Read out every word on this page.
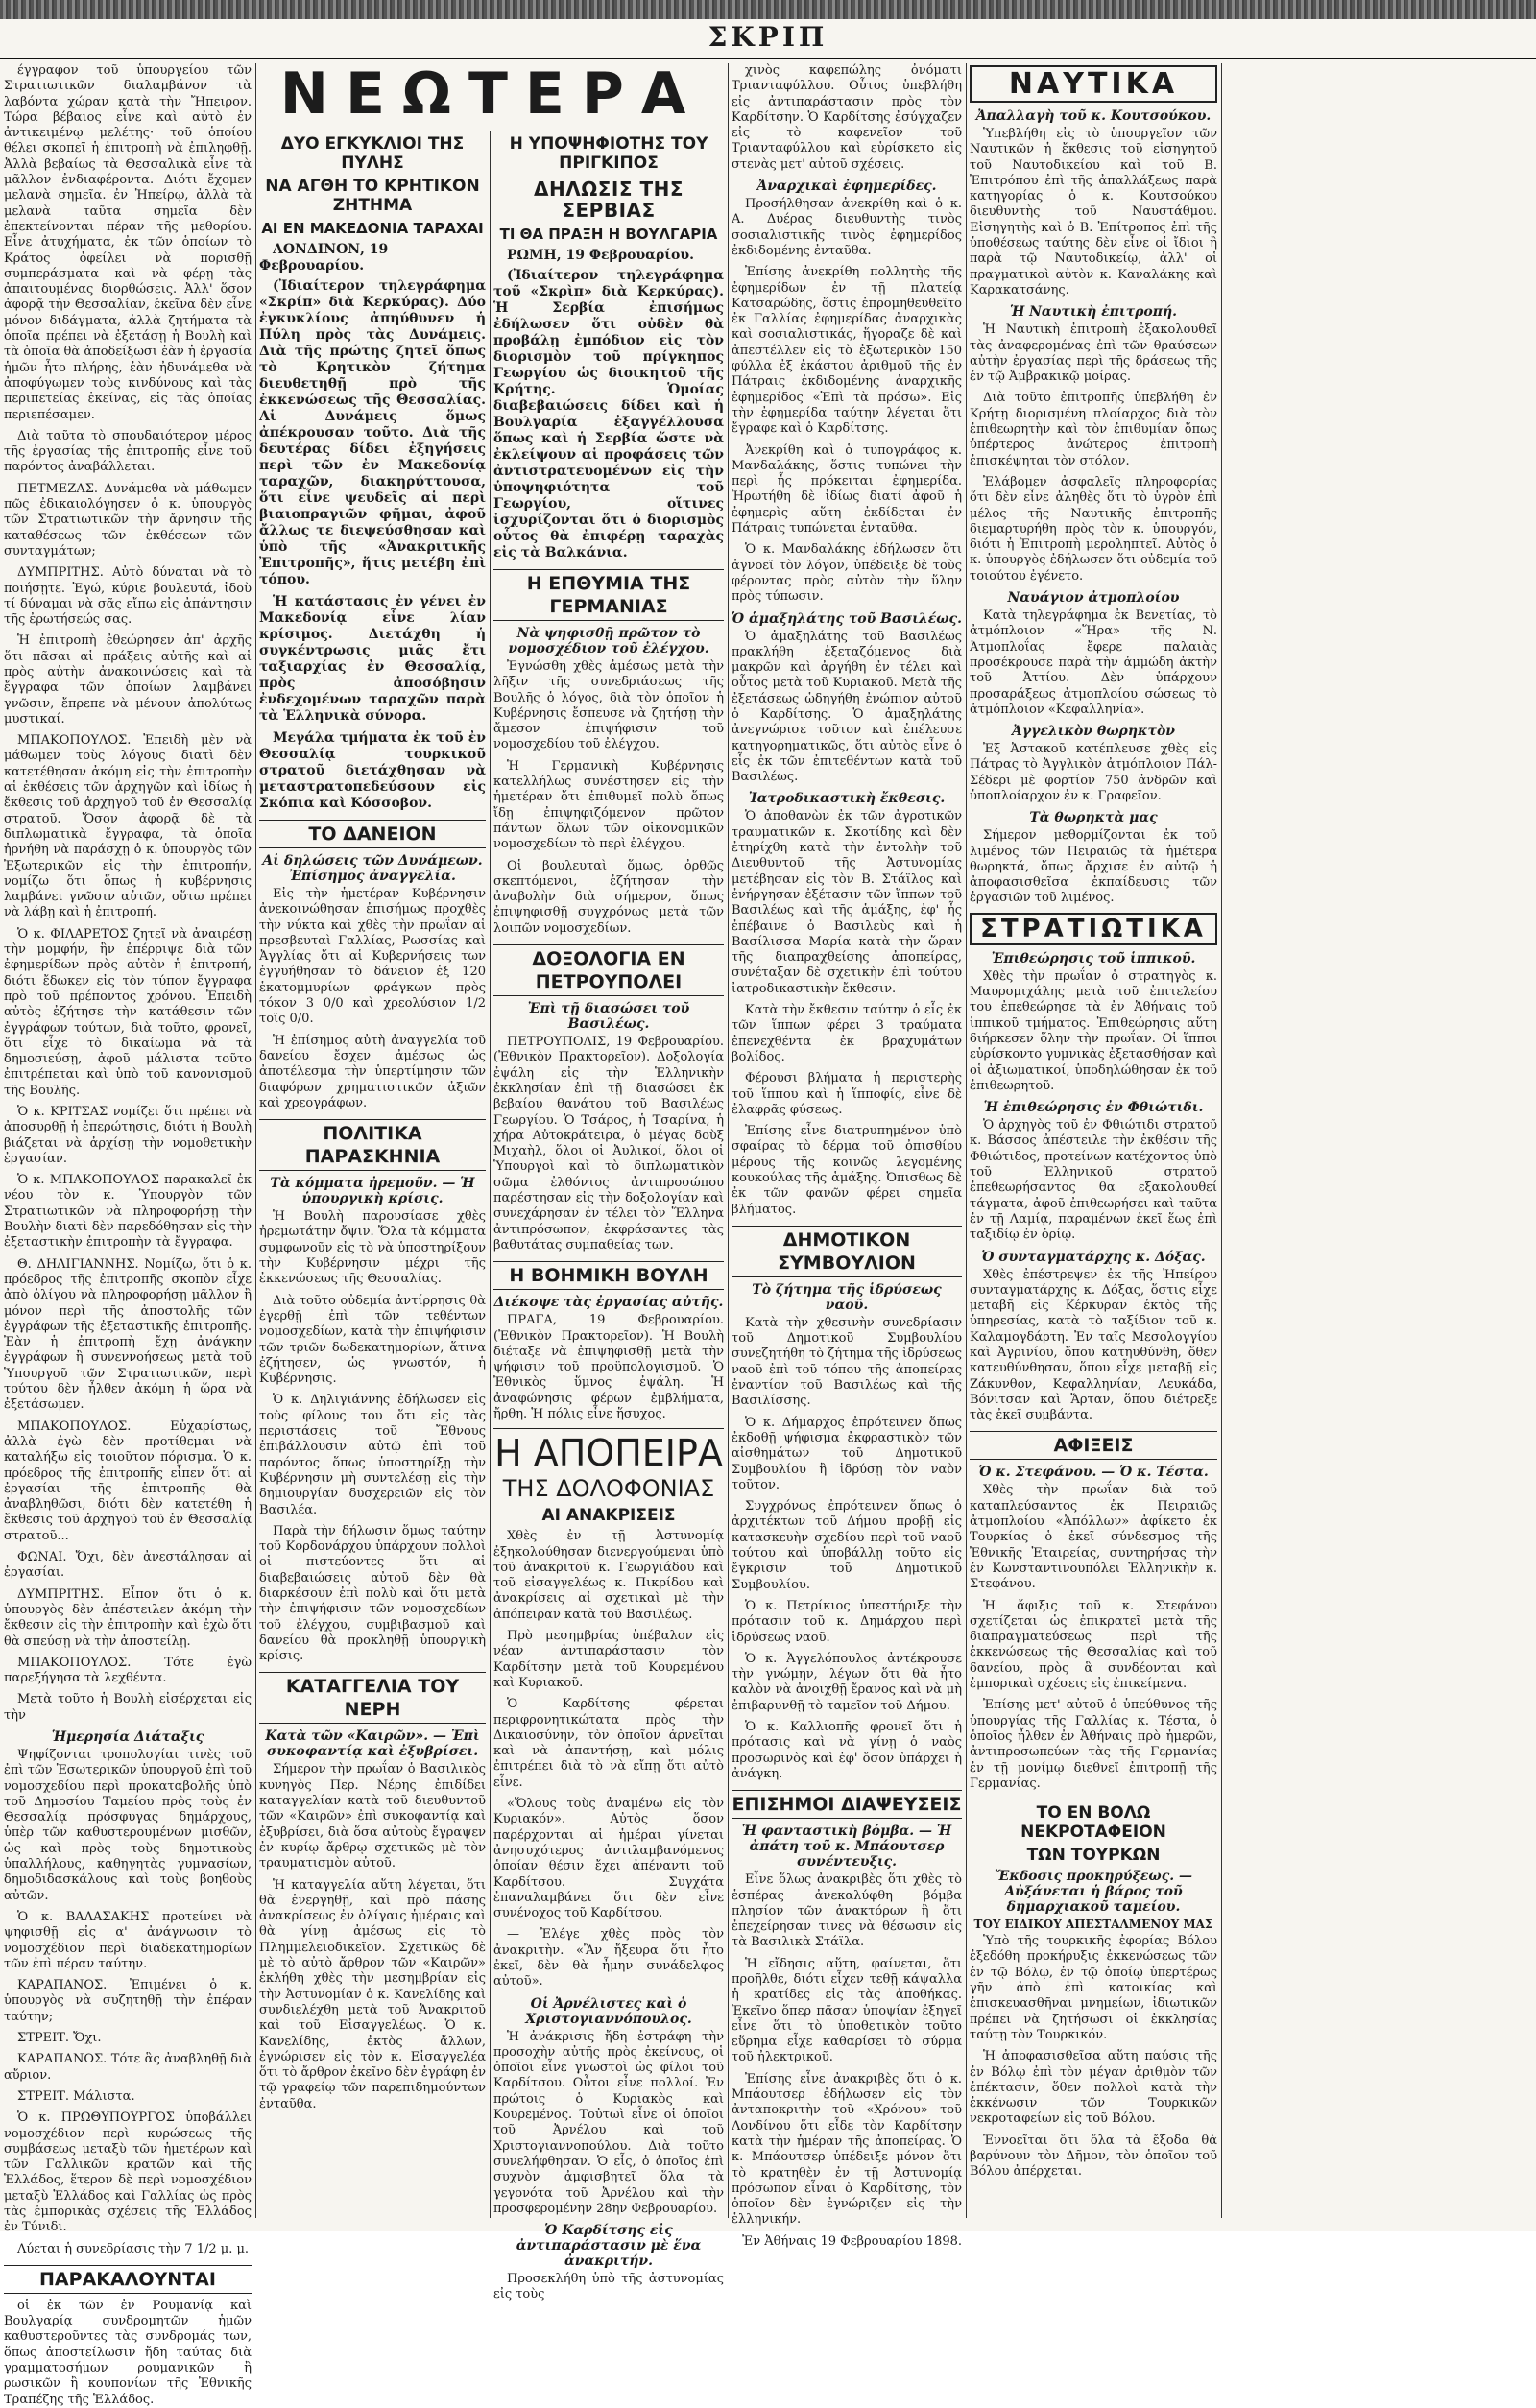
ΣΚΡΙΠ

έγγραφον τοῦ ὑπουργείου τῶν Στρατιωτικῶν διαλαμβάνον τὰ λαβόντα χώραν κατὰ τὴν Ἤπειρον. Τώρα βέβαιος εἶνε καὶ αὐτὸ ἐν ἀντικειμένῳ μελέτης· τοῦ ὁποίου θέλει σκοπεῖ ἡ ἐπιτροπὴ νὰ ἐπιληφθῇ. Ἀλλὰ βεβαίως τὰ Θεσσαλικὰ εἶνε τὰ μᾶλλον ἐνδιαφέροντα. Διότι ἔχομεν μελανὰ σημεῖα. ἐν Ἠπείρῳ, ἀλλὰ τὰ μελανὰ ταῦτα σημεῖα δὲν ἐπεκτείνονται πέραν τῆς μεθορίου. Εἶνε ἀτυχήματα, ἐκ τῶν ὁποίων τὸ Κράτος ὀφείλει νὰ πορισθῇ συμπεράσματα καὶ νὰ φέρῃ τὰς ἀπαιτουμένας διορθώσεις. Ἀλλ' ὅσον ἀφορᾷ τὴν Θεσσαλίαν, ἐκεῖνα δὲν εἶνε μόνον διδάγματα, ἀλλὰ ζητήματα τὰ ὁποῖα πρέπει νὰ ἐξετάσῃ ἡ Βουλὴ καὶ τὰ ὁποῖα θὰ ἀποδείξωσι ἐὰν ἡ ἐργασία ἡμῶν ἦτο πλήρης, ἐὰν ἠδυνάμεθα νὰ ἀποφύγωμεν τοὺς κινδύνους καὶ τὰς περιπετείας ἐκείνας, εἰς τὰς ὁποίας περιεπέσαμεν.

Διὰ ταῦτα τὸ σπουδαιότερον μέρος τῆς ἐργασίας τῆς ἐπιτροπῆς εἶνε τοῦ παρόντος ἀναβάλλεται.

ΠΕΤΜΕΖΑΣ. Δυνάμεθα νὰ μάθωμεν πῶς ἐδικαιολόγησεν ὁ κ. ὑπουργὸς τῶν Στρατιωτικῶν τὴν ἄρνησιν τῆς καταθέσεως τῶν ἐκθέσεων τῶν συνταγμάτων;

ΔΥΜΠΡΙΤΗΣ. Αὐτὸ δύναται νὰ τὸ ποιήσῃτε. Ἐγώ, κύριε βουλευτά, ἰδοὺ τί δύναμαι νὰ σᾶς εἴπω εἰς ἀπάντησιν τῆς ἐρωτήσεώς σας.

Ἡ ἐπιτροπὴ ἐθεώρησεν ἀπ' ἀρχῆς ὅτι πᾶσαι αἱ πράξεις αὐτῆς καὶ αἱ πρὸς αὐτὴν ἀνακοινώσεις καὶ τὰ ἔγγραφα τῶν ὁποίων λαμβάνει γνῶσιν, ἔπρεπε νὰ μένουν ἀπολύτως μυστικαί.

ΜΠΑΚΟΠΟΥΛΟΣ. Ἐπειδὴ μὲν νὰ μάθωμεν τοὺς λόγους διατὶ δὲν κατετέθησαν ἀκόμη εἰς τὴν ἐπιτροπὴν αἱ ἐκθέσεις τῶν ἀρχηγῶν καὶ ἰδίως ἡ ἔκθεσις τοῦ ἀρχηγοῦ τοῦ ἐν Θεσσαλίᾳ στρατοῦ. Ὅσον ἀφορᾷ δὲ τὰ διπλωματικὰ ἔγγραφα, τὰ ὁποῖα ἠρνήθη νὰ παράσχῃ ὁ κ. ὑπουργὸς τῶν Ἐξωτερικῶν εἰς τὴν ἐπιτροπήν, νομίζω ὅτι ὅπως ἡ κυβέρνησις λαμβάνει γνῶσιν αὐτῶν, οὕτω πρέπει νὰ λάβῃ καὶ ἡ ἐπιτροπή.

Ὁ κ. ΦΙΛΑΡΕΤΟΣ ζητεῖ νὰ ἀναιρέσῃ τὴν μομφήν, ἣν ἐπέρριψε διὰ τῶν ἐφημερίδων πρὸς αὐτὸν ἡ ἐπιτροπή, διότι ἔδωκεν εἰς τὸν τύπον ἔγγραφα πρὸ τοῦ πρέποντος χρόνου. Ἐπειδὴ αὐτὸς ἐζήτησε τὴν κατάθεσιν τῶν ἐγγράφων τούτων, διὰ τοῦτο, φρονεῖ, ὅτι εἶχε τὸ δικαίωμα νὰ τὰ δημοσιεύσῃ, ἀφοῦ μάλιστα τοῦτο ἐπιτρέπεται καὶ ὑπὸ τοῦ κανονισμοῦ τῆς Βουλῆς.

Ὁ κ. ΚΡΙΤΣΑΣ νομίζει ὅτι πρέπει νὰ ἀποσυρθῇ ἡ ἐπερώτησις, διότι ἡ Βουλὴ βιάζεται νὰ ἀρχίσῃ τὴν νομοθετικὴν ἐργασίαν.

Ὁ κ. ΜΠΑΚΟΠΟΥΛΟΣ παρακαλεῖ ἐκ νέου τὸν κ. Ὑπουργὸν τῶν Στρατιωτικῶν νὰ πληροφορήσῃ τὴν Βουλὴν διατὶ δὲν παρεδόθησαν εἰς τὴν ἐξεταστικὴν ἐπιτροπὴν τὰ ἔγγραφα.

Θ. ΔΗΛΙΓΙΑΝΝΗΣ. Νομίζω, ὅτι ὁ κ. πρόεδρος τῆς ἐπιτροπῆς σκοπὸν εἶχε ἀπὸ ὀλίγου νὰ πληροφορήσῃ μᾶλλον ἢ μόνον περὶ τῆς ἀποστολῆς τῶν ἐγγράφων τῆς ἐξεταστικῆς ἐπιτροπῆς. Ἐὰν ἡ ἐπιτροπὴ ἔχῃ ἀνάγκην ἐγγράφων ἢ συνεννοήσεως μετὰ τοῦ Ὑπουργοῦ τῶν Στρατιωτικῶν, περὶ τούτου δὲν ἦλθεν ἀκόμη ἡ ὥρα νὰ ἐξετάσωμεν.

ΜΠΑΚΟΠΟΥΛΟΣ. Εὐχαρίστως, ἀλλὰ ἐγὼ δὲν προτίθεμαι νὰ καταλήξω εἰς τοιοῦτον πόρισμα. Ὁ κ. πρόεδρος τῆς ἐπιτροπῆς εἶπεν ὅτι αἱ ἐργασίαι τῆς ἐπιτροπῆς θὰ ἀναβληθῶσι, διότι δὲν κατετέθη ἡ ἔκθεσις τοῦ ἀρχηγοῦ τοῦ ἐν Θεσσαλίᾳ στρατοῦ...

ΦΩΝΑΙ. Ὄχι, δὲν ἀνεστάλησαν αἱ ἐργασίαι.

ΔΥΜΠΡΙΤΗΣ. Εἶπον ὅτι ὁ κ. ὑπουργὸς δὲν ἀπέστειλεν ἀκόμη τὴν ἔκθεσιν εἰς τὴν ἐπιτροπὴν καὶ ἐχὼ ὅτι θὰ σπεύσῃ νὰ τὴν ἀποστείλῃ.

ΜΠΑΚΟΠΟΥΛΟΣ. Τότε ἐγὼ παρεξήγησα τὰ λεχθέντα.

Μετὰ τοῦτο ἡ Βουλὴ εἰσέρχεται εἰς τὴν

Ἡμερησία Διάταξις

Ψηφίζονται τροπολογίαι τινὲς τοῦ ἐπὶ τῶν Ἐσωτερικῶν ὑπουργοῦ ἐπὶ τοῦ νομοσχεδίου περὶ προκαταβολῆς ὑπὸ τοῦ Δημοσίου Ταμείου πρὸς τοὺς ἐν Θεσσαλίᾳ πρόσφυγας δημάρχους, ὑπὲρ τῶν καθυστερουμένων μισθῶν, ὡς καὶ πρὸς τοὺς δημοτικοὺς ὑπαλλήλους, καθηγητὰς γυμνασίων, δημοδιδασκάλους καὶ τοὺς βοηθοὺς αὐτῶν.

Ὁ κ. ΒΑΛΑΣΑΚΗΣ προτείνει νὰ ψηφισθῇ εἰς α' ἀνάγνωσιν τὸ νομοσχέδιον περὶ διαδεκατημορίων τῶν ἐπὶ πέραν ταύτην.

ΚΑΡΑΠΑΝΟΣ. Ἐπιμένει ὁ κ. ὑπουργὸς νὰ συζητηθῇ τὴν ἐπέραν ταύτην;

ΣΤΡΕΙΤ. Ὄχι.

ΚΑΡΑΠΑΝΟΣ. Τότε ἃς ἀναβληθῇ διὰ αὔριον.

ΣΤΡΕΙΤ. Μάλιστα.

Ὁ κ. ΠΡΩΘΥΠΟΥΡΓΟΣ ὑποβάλλει νομοσχέδιον περὶ κυρώσεως τῆς συμβάσεως μεταξὺ τῶν ἡμετέρων καὶ τῶν Γαλλικῶν κρατῶν καὶ τῆς Ἑλλάδος, ἕτερον δὲ περὶ νομοσχέδιον μεταξὺ Ἑλλάδος καὶ Γαλλίας ὡς πρὸς τὰς ἐμπορικὰς σχέσεις τῆς Ἑλλάδος ἐν Τύνιδι.

Λύεται ἡ συνεδρίασις τὴν 7 1/2 μ. μ.

ΠΑΡΑΚΑΛΟΥΝΤΑΙ

οἱ ἐκ τῶν ἐν Ρουμανίᾳ καὶ Βουλγαρίᾳ συνδρομητῶν ἡμῶν καθυστεροῦντες τὰς συνδρομάς των, ὅπως ἀποστείλωσιν ἤδη ταύτας διὰ γραμματοσήμων ρουμανικῶν ἢ ρωσικῶν ἢ κουπονίων τῆς Ἐθνικῆς Τραπέζης τῆς Ἑλλάδος.

ΝΕΩΤΕΡΑ
ΔΥΟ ΕΓΚΥΚΛΙΟΙ ΤΗΣ ΠΥΛΗΣ
ΝΑ ΑΓΘΗ ΤΟ ΚΡΗΤΙΚΟΝ ΖΗΤΗΜΑ
ΑΙ ΕΝ ΜΑΚΕΔΟΝΙΑ ΤΑΡΑΧΑΙ
ΛΟΝΔΙΝΟΝ, 19 Φεβρουαρίου.
(Ἰδιαίτερον τηλεγράφημα «Σκρίπ» διὰ Κερκύρας). Δύο ἐγκυκλίους ἀπηύθυνεν ἡ Πύλη πρὸς τὰς Δυνάμεις. Διὰ τῆς πρώτης ζητεῖ ὅπως τὸ Κρητικὸν ζήτημα διευθετηθῇ πρὸ τῆς ἐκκενώσεως τῆς Θεσσαλίας. Αἱ Δυνάμεις ὅμως ἀπέκρουσαν τοῦτο. Διὰ τῆς δευτέρας δίδει ἐξηγήσεις περὶ τῶν ἐν Μακεδονίᾳ ταραχῶν, διακηρύττουσα, ὅτι εἶνε ψευδεῖς αἱ περὶ βιαιοπραγιῶν φῆμαι, ἀφοῦ ἄλλως τε διεψεύσθησαν καὶ ὑπὸ τῆς «Ἀνακριτικῆς Ἐπιτροπῆς», ἥτις μετέβη ἐπὶ τόπου.
Ἡ κατάστασις ἐν γένει ἐν Μακεδονίᾳ εἶνε λίαν κρίσιμος. Διετάχθη ἡ συγκέντρωσις μιᾶς ἔτι ταξιαρχίας ἐν Θεσσαλίᾳ, πρὸς ἀποσόβησιν ἐνδεχομένων ταραχῶν παρὰ τὰ Ἑλληνικὰ σύνορα.
Μεγάλα τμήματα ἐκ τοῦ ἐν Θεσσαλίᾳ τουρκικοῦ στρατοῦ διετάχθησαν νὰ μεταστρατοπεδεύσουν εἰς Σκόπια καὶ Κόσσοβον.
ΤΟ ΔΑΝΕΙΟΝ
Αἱ δηλώσεις τῶν Δυνάμεων. Ἐπίσημος ἀναγγελία.

Εἰς τὴν ἡμετέραν Κυβέρνησιν ἀνεκοινώθησαν ἐπισήμως προχθὲς τὴν νύκτα καὶ χθὲς τὴν πρωΐαν αἱ πρεσβευταὶ Γαλλίας, Ρωσσίας καὶ Ἀγγλίας ὅτι αἱ Κυβερνήσεις των ἐγγυήθησαν τὸ δάνειον ἐξ 120 ἑκατομμυρίων φράγκων πρὸς τόκον 3 0/0 καὶ χρεολύσιον 1/2 τοῖς 0/0.

Ἡ ἐπίσημος αὐτὴ ἀναγγελία τοῦ δανείου ἔσχεν ἀμέσως ὡς ἀποτέλεσμα τὴν ὑπερτίμησιν τῶν διαφόρων χρηματιστικῶν ἀξιῶν καὶ χρεογράφων.

ΠΟΛΙΤΙΚΑ ΠΑΡΑΣΚΗΝΙΑ
Τὰ κόμματα ἠρεμοῦν. — Ἡ ὑπουργικὴ κρίσις.

Ἡ Βουλὴ παρουσίασε χθὲς ἠρεμωτάτην ὄψιν. Ὅλα τὰ κόμματα συμφωνοῦν εἰς τὸ νὰ ὑποστηρίξουν τὴν Κυβέρνησιν μέχρι τῆς ἐκκενώσεως τῆς Θεσσαλίας.

Διὰ τοῦτο οὐδεμία ἀντίρρησις θὰ ἐγερθῇ ἐπὶ τῶν τεθέντων νομοσχεδίων, κατὰ τὴν ἐπιψήφισιν τῶν τριῶν δωδεκατημορίων, ἅτινα ἐζήτησεν, ὡς γνωστόν, ἡ Κυβέρνησις.

Ὁ κ. Δηλιγιάννης ἐδήλωσεν εἰς τοὺς φίλους του ὅτι εἰς τὰς περιστάσεις τοῦ Ἔθνους ἐπιβάλλουσιν αὐτῷ ἐπὶ τοῦ παρόντος ὅπως ὑποστηρίξῃ τὴν Κυβέρνησιν μὴ συντελέσῃ εἰς τὴν δημιουργίαν δυσχερειῶν εἰς τὸν Βασιλέα.

Παρὰ τὴν δήλωσιν ὅμως ταύτην τοῦ Κορδονάρχου ὑπάρχουν πολλοὶ οἱ πιστεύοντες ὅτι αἱ διαβεβαιώσεις αὐτοῦ δὲν θὰ διαρκέσουν ἐπὶ πολὺ καὶ ὅτι μετὰ τὴν ἐπιψήφισιν τῶν νομοσχεδίων τοῦ ἐλέγχου, συμβιβασμοῦ καὶ δανείου θὰ προκληθῇ ὑπουργικὴ κρίσις.

ΚΑΤΑΓΓΕΛΙΑ ΤΟΥ ΝΕΡΗ
Κατὰ τῶν «Καιρῶν». — Ἐπὶ συκοφαντίᾳ καὶ ἐξυβρίσει.

Σήμερον τὴν πρωΐαν ὁ Βασιλικὸς κυνηγὸς Περ. Νέρης ἐπιδίδει καταγγελίαν κατὰ τοῦ διευθυντοῦ τῶν «Καιρῶν» ἐπὶ συκοφαντίᾳ καὶ ἐξυβρίσει, διὰ ὅσα αὐτοὺς ἔγραψεν ἐν κυρίῳ ἄρθρῳ σχετικῶς μὲ τὸν τραυματισμὸν αὐτοῦ.

Ἡ καταγγελία αὕτη λέγεται, ὅτι θὰ ἐνεργηθῇ, καὶ πρὸ πάσης ἀνακρίσεως ἐν ὀλίγαις ἡμέραις καὶ θὰ γίνῃ ἀμέσως εἰς τὸ Πλημμελειοδικεῖον. Σχετικῶς δὲ μὲ τὸ αὐτὸ ἄρθρον τῶν «Καιρῶν» ἐκλήθη χθὲς τὴν μεσημβρίαν εἰς τὴν Ἀστυνομίαν ὁ κ. Κανελίδης καὶ συνδιελέχθη μετὰ τοῦ Ἀνακριτοῦ καὶ τοῦ Εἰσαγγελέως. Ὁ κ. Κανελίδης, ἐκτὸς ἄλλων, ἐγνώρισεν εἰς τὸν κ. Εἰσαγγελέα ὅτι τὸ ἄρθρον ἐκεῖνο δὲν ἐγράφη ἐν τῷ γραφείῳ τῶν παρεπιδημούντων ἐνταῦθα.

Η ΥΠΟΨΗΦΙΟΤΗΣ ΤΟΥ ΠΡΙΓΚΙΠΟΣ
ΔΗΛΩΣΙΣ ΤΗΣ ΣΕΡΒΙΑΣ
ΤΙ ΘΑ ΠΡΑΞΗ Η ΒΟΥΛΓΑΡΙΑ
ΡΩΜΗ, 19 Φεβρουαρίου.
(Ἰδιαίτερον τηλεγράφημα τοῦ «Σκρὶπ» διὰ Κερκύρας). Ἡ Σερβία ἐπισήμως ἐδήλωσεν ὅτι οὐδὲν θὰ προβάλῃ ἐμπόδιον εἰς τὸν διορισμὸν τοῦ πρίγκηπος Γεωργίου ὡς διοικητοῦ τῆς Κρήτης. Ὁμοίας διαβεβαιώσεις δίδει καὶ ἡ Βουλγαρία ἐξαγγέλλουσα ὅπως καὶ ἡ Σερβία ὥστε νὰ ἐκλείψουν αἱ προφάσεις τῶν ἀντιστρατευομένων εἰς τὴν ὑποψηφιότητα τοῦ Γεωργίου, οἵτινες ἰσχυρίζονται ὅτι ὁ διορισμὸς οὗτος θὰ ἐπιφέρῃ ταραχὰς εἰς τὰ Βαλκάνια.
Η ΕΠΘΥΜΙΑ ΤΗΣ ΓΕΡΜΑΝΙΑΣ
Νὰ ψηφισθῇ πρῶτον τὸ νομοσχέδιον τοῦ ἐλέγχου.

Ἐγνώσθη χθὲς ἀμέσως μετὰ τὴν λῆξιν τῆς συνεδριάσεως τῆς Βουλῆς ὁ λόγος, διὰ τὸν ὁποῖον ἡ Κυβέρνησις ἔσπευσε νὰ ζητήσῃ τὴν ἄμεσον ἐπιψήφισιν τοῦ νομοσχεδίου τοῦ ἐλέγχου.

Ἡ Γερμανικὴ Κυβέρνησις κατελλήλως συνέστησεν εἰς τὴν ἡμετέραν ὅτι ἐπιθυμεῖ πολὺ ὅπως ἴδῃ ἐπιψηφιζόμενον πρῶτον πάντων ὅλων τῶν οἰκονομικῶν νομοσχεδίων τὸ περὶ ἐλέγχου.

Οἱ βουλευταὶ ὅμως, ὀρθῶς σκεπτόμενοι, ἐζήτησαν τὴν ἀναβολὴν διὰ σήμερον, ὅπως ἐπιψηφισθῇ συγχρόνως μετὰ τῶν λοιπῶν νομοσχεδίων.

ΔΟΞΟΛΟΓΙΑ ΕΝ ΠΕΤΡΟΥΠΟΛΕΙ
Ἐπὶ τῇ διασώσει τοῦ Βασιλέως.

ΠΕΤΡΟΥΠΟΛΙΣ, 19 Φεβρουαρίου. (Ἐθνικὸν Πρακτορεῖον). Δοξολογία ἐψάλη εἰς τὴν Ἑλληνικὴν ἐκκλησίαν ἐπὶ τῇ διασώσει ἐκ βεβαίου θανάτου τοῦ Βασιλέως Γεωργίου. Ὁ Τσάρος, ἡ Τσαρίνα, ἡ χήρα Αὐτοκράτειρα, ὁ μέγας δοὺξ Μιχαὴλ, ὅλοι οἱ Ἀυλικοί, ὅλοι οἱ Ὑπουργοὶ καὶ τὸ διπλωματικὸν σῶμα ἐλθόντος ἀντιπροσώπου παρέστησαν εἰς τὴν δοξολογίαν καὶ συνεχάρησαν ἐν τέλει τὸν Ἕλληνα ἀντιπρόσωπον, ἐκφράσαντες τὰς βαθυτάτας συμπαθείας των.

Η ΒΟΗΜΙΚΗ ΒΟΥΛΗ
Διέκοψε τὰς ἐργασίας αὐτῆς.

ΠΡΑΓΑ, 19 Φεβρουαρίου. (Ἐθνικὸν Πρακτορεῖον). Ἡ Βουλὴ διέταξε νὰ ἐπιψηφισθῇ μετὰ τὴν ψήφισιν τοῦ προϋπολογισμοῦ. Ὁ Ἐθνικὸς ὕμνος ἐψάλη. Ἡ ἀναφώνησις φέρων ἐμβλήματα, ἤρθη. Ἡ πόλις εἶνε ἥσυχος.

Η ΑΠΟΠΕΙΡΑ
ΤΗΣ ΔΟΛΟΦΟΝΙΑΣ
ΑΙ ΑΝΑΚΡΙΣΕΙΣ

Χθὲς ἐν τῇ Ἀστυνομίᾳ ἐξηκολούθησαν διενεργούμεναι ὑπὸ τοῦ ἀνακριτοῦ κ. Γεωργιάδου καὶ τοῦ εἰσαγγελέως κ. Πικρίδου καὶ ἀνακρίσεις αἱ σχετικαὶ μὲ τὴν ἀπόπειραν κατὰ τοῦ Βασιλέως.

Πρὸ μεσημβρίας ὑπέβαλον εἰς νέαν ἀντιπαράστασιν τὸν Καρδίτσην μετὰ τοῦ Κουρεμένου καὶ Κυριακοῦ.

Ὁ Καρδίτσης φέρεται περιφρονητικώτατα πρὸς τὴν Δικαιοσύνην, τὸν ὁποῖον ἀρνεῖται καὶ νὰ ἀπαντήσῃ, καὶ μόλις ἐπιτρέπει διὰ τὸ νὰ εἴπῃ ὅτι αὐτὸ εἶνε.

«Ὅλους τοὺς ἀναμένω εἰς τὸν Κυριακόν». Αὐτὸς ὅσον παρέρχονται αἱ ἡμέραι γίνεται ἀνησυχότερος ἀντιλαμβανόμενος ὁποίαν θέσιν ἔχει ἀπέναντι τοῦ Καρδίτσου. Συγχάτα ἐπαναλαμβάνει ὅτι δὲν εἶνε συνένοχος τοῦ Καρδίτσου.

— Ἐλέγε χθὲς πρὸς τὸν ἀνακριτὴν. «Ἂν ἤξευρα ὅτι ἦτο ἐκεῖ, δὲν θὰ ἦμην συνάδελφος αὐτοῦ».

Οἱ Ἀρνέλιστες καὶ ὁ Χριστογιαννόπουλος.

Ἡ ἀνάκρισις ἤδη ἐστράφη τὴν προσοχὴν αὐτῆς πρὸς ἐκείνους, οἱ ὁποῖοι εἶνε γνωστοὶ ὡς φίλοι τοῦ Καρδίτσου. Οὗτοι εἶνε πολλοί. Ἐν πρώτοις ὁ Κυριακὸς καὶ Κουρεμένος. Τοὐτωὶ εἶνε οἱ ὁποῖοι τοῦ Ἀρνέλου καὶ τοῦ Χριστογιαννοπούλου. Διὰ τοῦτο συνελήφθησαν. Ὁ εἷς, ὁ ὁποῖος ἐπὶ συχνὸν ἀμφισβητεῖ ὅλα τὰ γεγονότα τοῦ Ἀρνέλου καὶ τὴν προσφερομένην 28ην Φεβρουαρίου.

Ὁ Καρδίτσης εἰς ἀντιπαράστασιν μὲ ἕνα ἀνακριτήν.

Προσεκλήθη ὑπὸ τῆς ἀστυνομίας εἰς τοὺς

χινὸς καφεπώλης ὀνόματι Τριανταφύλλου. Οὗτος ὑπεβλήθη εἰς ἀντιπαράστασιν πρὸς τὸν Καρδίτσην. Ὁ Καρδίτσης ἐσύγχαζεν εἰς τὸ καφενεῖον τοῦ Τριανταφύλλου καὶ εὑρίσκετο εἰς στενὰς μετ' αὐτοῦ σχέσεις.

Ἀναρχικαὶ ἐφημερίδες.

Προσήλθησαν ἀνεκρίθη καὶ ὁ κ. Α. Δυέρας διευθυντὴς τινὸς σοσιαλιστικῆς τινὸς ἐφημερίδος ἐκδιδομένης ἐνταῦθα.

Ἐπίσης ἀνεκρίθη πολλητὴς τῆς ἐφημερίδων ἐν τῇ πλατείᾳ Κατσαρώδης, ὅστις ἐπρομηθευθεῖτο ἐκ Γαλλίας ἐφημερίδας ἀναρχικὰς καὶ σοσιαλιστικάς, ἥγοραζε δὲ καὶ ἀπεστέλλεν εἰς τὸ ἐξωτερικὸν 150 φύλλα ἐξ ἑκάστου ἀριθμοῦ τῆς ἐν Πάτραις ἐκδιδομένης ἀναρχικῆς ἐφημερίδος «Ἐπὶ τὰ πρόσω». Εἰς τὴν ἐφημερίδα ταύτην λέγεται ὅτι ἔγραφε καὶ ὁ Καρδίτσης.

Ἀνεκρίθη καὶ ὁ τυπογράφος κ. Μανδαλάκης, ὅστις τυπώνει τὴν περὶ ἧς πρόκειται ἐφημερίδα. Ἠρωτήθη δὲ ἰδίως διατί ἀφοῦ ἡ ἐφημερὶς αὕτη ἐκδίδεται ἐν Πάτραις τυπώνεται ἐνταῦθα.

Ὁ κ. Μανδαλάκης ἐδήλωσεν ὅτι ἀγνοεῖ τὸν λόγον, ὑπέδειξε δὲ τοὺς φέροντας πρὸς αὐτὸν τὴν ὕλην πρὸς τύπωσιν.

Ὁ ἁμαξηλάτης τοῦ Βασιλέως.

Ὁ ἁμαξηλάτης τοῦ Βασιλέως πρακλήθη ἐξεταζόμενος διὰ μακρῶν καὶ ἀργήθη ἐν τέλει καὶ οὗτος μετὰ τοῦ Κυριακοῦ. Μετὰ τῆς ἐξετάσεως ὡδηγήθη ἐνώπιον αὐτοῦ ὁ Καρδίτσης. Ὁ ἁμαξηλάτης ἀνεγνώρισε τοῦτον καὶ ἐπέλευσε κατηγορηματικῶς, ὅτι αὐτὸς εἶνε ὁ εἷς ἐκ τῶν ἐπιτεθέντων κατὰ τοῦ Βασιλέως.

Ἰατροδικαστικὴ ἔκθεσις.

Ὁ ἀποθανὼν ἐκ τῶν ἀγροτικῶν τραυματικῶν κ. Σκοτίδης καὶ δὲν ἐτηρίχθη κατὰ τὴν ἐντολὴν τοῦ Διευθυντοῦ τῆς Ἀστυνομίας μετέβησαν εἰς τὸν Β. Στάϊλος καὶ ἐνήργησαν ἐξέτασιν τῶν ἵππων τοῦ Βασιλέως καὶ τῆς ἁμάξης, ἐφ' ἧς ἐπέβαινε ὁ Βασιλεὺς καὶ ἡ Βασίλισσα Μαρία κατὰ τὴν ὥραν τῆς διαπραχθείσης ἀποπείρας, συνέταξαν δὲ σχετικὴν ἐπὶ τούτου ἰατροδικαστικὴν ἔκθεσιν.

Κατὰ τὴν ἔκθεσιν ταύτην ὁ εἷς ἐκ τῶν ἵππων φέρει 3 τραύματα ἐπενεχθέντα ἐκ βραχυμάτων βολίδος.

Φέρουσι βλήματα ἡ περιστερὴς τοῦ ἵππου καὶ ἡ ἵπποφίς, εἶνε δὲ ἐλαφρᾶς φύσεως.

Ἐπίσης εἶνε διατρυπημένον ὑπὸ σφαίρας τὸ δέρμα τοῦ ὀπισθίου μέρους τῆς κοινῶς λεγομένης κουκούλας τῆς ἁμάξης. Ὀπισθως δὲ ἐκ τῶν φανῶν φέρει σημεῖα βλήματος.

ΔΗΜΟΤΙΚΟΝ ΣΥΜΒΟΥΛΙΟΝ
Τὸ ζήτημα τῆς ἱδρύσεως ναοῦ.

Κατὰ τὴν χθεσινὴν συνεδρίασιν τοῦ Δημοτικοῦ Συμβουλίου συνεζητήθη τὸ ζήτημα τῆς ἱδρύσεως ναοῦ ἐπὶ τοῦ τόπου τῆς ἀποπείρας ἐναντίον τοῦ Βασιλέως καὶ τῆς Βασιλίσσης.

Ὁ κ. Δήμαρχος ἐπρότεινεν ὅπως ἐκδοθῇ ψήφισμα ἐκφραστικὸν τῶν αἰσθημάτων τοῦ Δημοτικοῦ Συμβουλίου ἢ ἱδρύσῃ τὸν ναὸν τοῦτον.

Συγχρόνως ἐπρότεινεν ὅπως ὁ ἀρχιτέκτων τοῦ Δήμου προβῇ εἰς κατασκευὴν σχεδίου περὶ τοῦ ναοῦ τούτου καὶ ὑποβάλλῃ τοῦτο εἰς ἔγκρισιν τοῦ Δημοτικοῦ Συμβουλίου.

Ὁ κ. Πετρίκιος ὑπεστήριξε τὴν πρότασιν τοῦ κ. Δημάρχου περὶ ἱδρύσεως ναοῦ.

Ὁ κ. Ἀγγελόπουλος ἀντέκρουσε τὴν γνώμην, λέγων ὅτι θὰ ἦτο καλὸν νὰ ἀνοιχθῇ ἔρανος καὶ νὰ μὴ ἐπιβαρυνθῇ τὸ ταμεῖον τοῦ Δήμου.

Ὁ κ. Καλλιοπῆς φρονεῖ ὅτι ἡ πρότασις καὶ νὰ γίνῃ ὁ ναὸς προσωρινὸς καὶ ἐφ' ὅσον ὑπάρχει ἡ ἀνάγκη.

ΕΠΙΣΗΜΟΙ ΔΙΑΨΕΥΣΕΙΣ
Ἡ φανταστικὴ βόμβα. — Ἡ ἀπάτη τοῦ κ. Μπάουτσερ συνέντευξις.

Εἶνε ὅλως ἀνακριβὲς ὅτι χθὲς τὸ ἑσπέρας ἀνεκαλύφθη βόμβα πλησίον τῶν ἀνακτόρων ἢ ὅτι ἐπεχείρησαν τινες νὰ θέσωσιν εἰς τὰ Βασιλικὰ Στάϊλα.

Ἡ εἴδησις αὕτη, φαίνεται, ὅτι προῆλθε, διότι εἶχεν τεθῇ κάψαλλα ἡ κρατίδες εἰς τὰς ἀποθήκας. Ἐκεῖνο ὅπερ πᾶσαν ὑποψίαν ἐξηγεῖ εἶνε ὅτι τὸ ὑποθετικὸν τοῦτο εὕρημα εἶχε καθαρίσει τὸ σύρμα τοῦ ἠλεκτρικοῦ.

Ἐπίσης εἶνε ἀνακριβὲς ὅτι ὁ κ. Μπάουτσερ ἐδήλωσεν εἰς τὸν ἀνταποκριτὴν τοῦ «Χρόνου» τοῦ Λονδίνου ὅτι εἶδε τὸν Καρδίτσην κατὰ τὴν ἡμέραν τῆς ἀποπείρας. Ὁ κ. Μπάουτσερ ὑπέδειξε μόνον ὅτι τὸ κρατηθὲν ἐν τῇ Ἀστυνομίᾳ πρόσωπον εἶναι ὁ Καρδίτσης, τὸν ὁποῖον δὲν ἐγνώριζεν εἰς τὴν ἑλληνικήν.

Ἐν Ἀθήναις 19 Φεβρουαρίου 1898.
ΝΑΥΤΙΚΑ
Ἀπαλλαγὴ τοῦ κ. Κουτσούκου.

Ὑπεβλήθη εἰς τὸ ὑπουργεῖον τῶν Ναυτικῶν ἡ ἔκθεσις τοῦ εἰσηγητοῦ τοῦ Ναυτοδικείου καὶ τοῦ Β. Ἐπιτρόπου ἐπὶ τῆς ἀπαλλάξεως παρὰ κατηγορίας ὁ κ. Κουτσούκου διευθυντὴς τοῦ Ναυστάθμου. Εἰσηγητὴς καὶ ὁ Β. Ἐπίτροπος ἐπὶ τῆς ὑποθέσεως ταύτης δὲν εἶνε οἱ ἴδιοι ἢ παρὰ τῷ Ναυτοδικείῳ, ἀλλ' οἱ πραγματικοὶ αὐτὸν κ. Καναλάκης καὶ Καρακατσάνης.

Ἡ Ναυτικὴ ἐπιτροπή.

Ἡ Ναυτικὴ ἐπιτροπὴ ἐξακολουθεῖ τὰς ἀναφερομένας ἐπὶ τῶν θραύσεων αὐτὴν ἐργασίας περὶ τῆς δράσεως τῆς ἐν τῷ Ἀμβρακικῷ μοίρας.

Διὰ τοῦτο ἐπιτροπῆς ὑπεβλήθη ἐν Κρήτῃ διορισμένη πλοίαρχος διὰ τὸν ἐπιθεωρητὴν καὶ τὸν ἐπιθυμίαν ὅπως ὑπέρτερος ἀνώτερος ἐπιτροπὴ ἐπισκέψηται τὸν στόλον.

Ἐλάβομεν ἀσφαλεῖς πληροφορίας ὅτι δὲν εἶνε ἀληθὲς ὅτι τὸ ὑγρὸν ἐπὶ μέλος τῆς Ναυτικῆς ἐπιτροπῆς διεμαρτυρήθη πρὸς τὸν κ. ὑπουργόν, διότι ἡ Ἐπιτροπὴ μεροληπτεῖ. Αὐτὸς ὁ κ. ὑπουργὸς ἐδήλωσεν ὅτι οὐδεμία τοῦ τοιούτου ἐγένετο.

Ναυάγιον ἀτμοπλοίου

Κατὰ τηλεγράφημα ἐκ Βενετίας, τὸ ἀτμόπλοιον «Ἥρα» τῆς Ν. Ἀτμοπλοΐας ἔφερε παλαιὰς προσέκρουσε παρὰ τὴν ἀμμώδη ἀκτὴν τοῦ Ἀττίου. Δὲν ὑπάρχουν προσαράξεως ἀτμοπλοίου σώσεως τὸ ἀτμόπλοιον «Κεφαλληνία».

Ἀγγελικὸν θωρηκτὸν

Ἐξ Ἀστακοῦ κατέπλευσε χθὲς εἰς Πάτρας τὸ Ἀγγλικὸν ἀτμόπλοιον Πάλ-Σέδερι μὲ φορτίον 750 ἀνδρῶν καὶ ὑποπλοίαρχον ἐν κ. Γραφεῖον.

Τὰ θωρηκτὰ μας

Σήμερον μεθορμίζονται ἐκ τοῦ λιμένος τῶν Πειραιῶς τὰ ἡμέτερα θωρηκτά, ὅπως ἄρχισε ἐν αὐτῷ ἡ ἀποφασισθεῖσα ἐκπαίδευσις τῶν ἐργασιῶν τοῦ λιμένος.

ΣΤΡΑΤΙΩΤΙΚΑ
Ἐπιθεώρησις τοῦ ἱππικοῦ.

Χθὲς τὴν πρωΐαν ὁ στρατηγὸς κ. Μαυρομιχάλης μετὰ τοῦ ἐπιτελείου του ἐπεθεώρησε τὰ ἐν Ἀθήναις τοῦ ἱππικοῦ τμήματος. Ἐπιθεώρησις αὕτη διήρκεσεν ὅλην τὴν πρωΐαν. Οἱ ἵπποι εὑρίσκοντο γυμνικὰς ἐξετασθήσαν καὶ οἱ ἀξιωματικοί, ὑποδηλώθησαν ἐκ τοῦ ἐπιθεωρητοῦ.

Ἡ ἐπιθεώρησις ἐν Φθιώτιδι.

Ὁ ἀρχηγὸς τοῦ ἐν Φθιώτιδι στρατοῦ κ. Βάσσος ἀπέστειλε τὴν ἐκθέσιν τῆς Φθιώτιδος, προτείνων κατέχοντος ὑπὸ τοῦ Ἑλληνικοῦ στρατοῦ ἐπεθεωρήσαντος θα εξακολουθεί τάγματα, ἀφοῦ ἐπιθεωρήσει καὶ ταῦτα ἐν τῇ Λαμίᾳ, παραμένων ἐκεῖ ἕως ἐπὶ ταξιδίῳ ἐν ὁρίῳ.

Ὁ συνταγματάρχης κ. Δόξας.

Χθὲς ἐπέστρεψεν ἐκ τῆς Ἠπείρου συνταγματάρχης κ. Δόξας, ὅστις εἶχε μεταβῆ εἰς Κέρκυραν ἐκτὸς τῆς ὑπηρεσίας, κατὰ τὸ ταξίδιον τοῦ κ. Καλαμογδάρτη. Ἐν ταῖς Μεσολογγίου καὶ Ἀγρινίου, ὅπου κατηυθύνθη, ὅθεν κατευθύνθησαν, ὅπου εἶχε μεταβῇ εἰς Ζάκυνθον, Κεφαλληνίαν, Λευκάδα, Βόνιτσαν καὶ Ἄρταν, ὅπου διέτρεξε τὰς ἐκεῖ συμβάντα.

ΑΦΙΞΕΙΣ
Ὁ κ. Στεφάνου. — Ὁ κ. Τέστα.

Χθὲς τὴν πρωΐαν διὰ τοῦ καταπλεύσαντος ἐκ Πειραιῶς ἀτμοπλοίου «Ἀπόλλων» ἀφίκετο ἐκ Τουρκίας ὁ ἐκεῖ σύνδεσμος τῆς Ἐθνικῆς Ἐταιρείας, συντηρήσας τὴν ἐν Κωνσταντινουπόλει Ἑλληνικὴν κ. Στεφάνου.

Ἡ ἄφιξις τοῦ κ. Στεφάνου σχετίζεται ὡς ἐπικρατεῖ μετὰ τῆς διαπραγματεύσεως περὶ τῆς ἐκκενώσεως τῆς Θεσσαλίας καὶ τοῦ δανείου, πρὸς ἃ συνδέονται καὶ ἐμπορικαὶ σχέσεις εἰς ἐπικείμενα.

Ἐπίσης μετ' αὐτοῦ ὁ ὑπεύθυνος τῆς ὑπουργίας τῆς Γαλλίας κ. Τέστα, ὁ ὁποῖος ἦλθεν ἐν Ἀθήναις πρὸ ἡμερῶν, ἀντιπροσωπεύων τὰς τῆς Γερμανίας ἐν τῇ μονίμῳ διεθνεῖ ἐπιτροπῇ τῆς Γερμανίας.

ΤΟ ΕΝ ΒΟΛΩ ΝΕΚΡΟΤΑΦΕΙΟΝ
ΤΩΝ ΤΟΥΡΚΩΝ
Ἔκδοσις προκηρύξεως. — Αὐξάνεται ἡ βάρος τοῦ δημαρχιακοῦ ταμείου.
ΤΟΥ ΕΙΔΙΚΟΥ ΑΠΕΣΤΑΛΜΕΝΟΥ ΜΑΣ

Ὑπὸ τῆς τουρκικῆς ἐφορίας Βόλου ἐξεδόθη προκήρυξις ἐκκενώσεως τῶν ἐν τῷ Βόλῳ, ἐν τῷ ὁποίῳ ὑπερτέρως γῆν ἀπὸ ἐπὶ κατοικίας καὶ ἐπισκευασθῆναι μνημείων, ἰδιωτικῶν πρέπει νὰ ζητήσωσι οἱ ἐκκλησίας ταύτῃ τὸν Τουρκικόν.

Ἡ ἀποφασισθεῖσα αὕτη παύσις τῆς ἐν Βόλῳ ἐπὶ τὸν μέγαν ἀριθμὸν τῶν ἐπέκτασιν, ὅθεν πολλοὶ κατὰ τὴν ἐκκένωσιν τῶν Τουρκικῶν νεκροταφείων εἰς τοῦ Βόλου.

Ἐννοεῖται ὅτι ὅλα τὰ ἔξοδα θὰ βαρύνουν τὸν Δῆμον, τὸν ὁποῖον τοῦ Βόλου ἀπέρχεται.
